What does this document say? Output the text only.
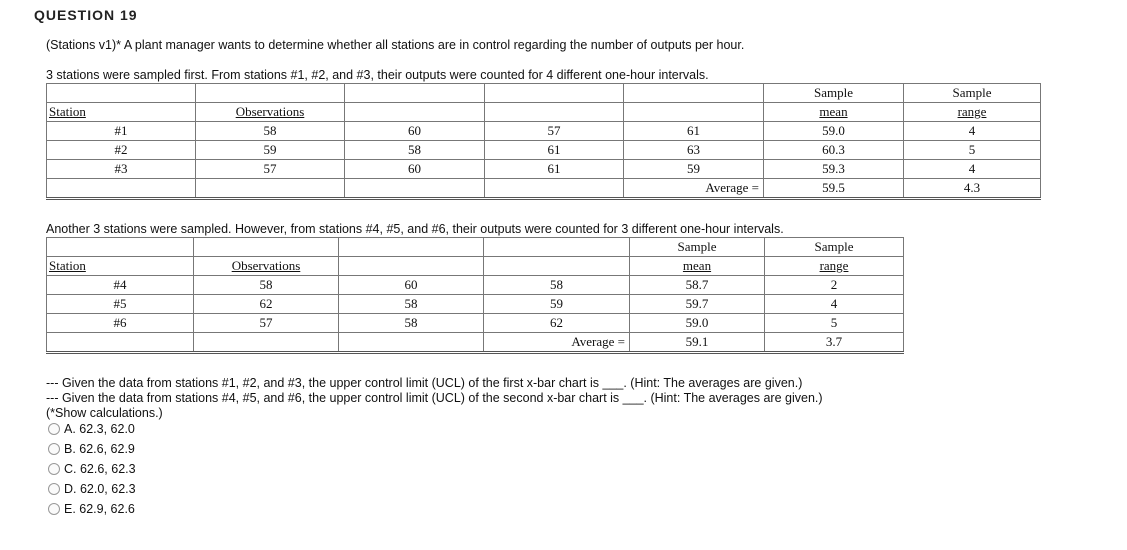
QUESTION 19
(Stations v1)* A plant manager wants to determine whether all stations are in control regarding the number of outputs per hour.
3 stations were sampled first. From stations #1, #2, and #3, their outputs were counted for 4 different one-hour intervals.
					Sample	Sample
Station	Observations				mean	range
#1	58	60	57	61	59.0	4
#2	59	58	61	63	60.3	5
#3	57	60	61	59	59.3	4
				Average =	59.5	4.3
Another 3 stations were sampled. However, from stations #4, #5, and #6, their outputs were counted for 3 different one-hour intervals.
				Sample	Sample
Station	Observations			mean	range
#4	58	60	58	58.7	2
#5	62	58	59	59.7	4
#6	57	58	62	59.0	5
			Average =	59.1	3.7
--- Given the data from stations #1, #2, and #3, the upper control limit (UCL) of the first x-bar chart is ___. (Hint: The averages are given.)
--- Given the data from stations #4, #5, and #6, the upper control limit (UCL) of the second x-bar chart is ___. (Hint: The averages are given.)
(*Show calculations.)
A. 62.3, 62.0
B. 62.6, 62.9
C. 62.6, 62.3
D. 62.0, 62.3
E. 62.9, 62.6
